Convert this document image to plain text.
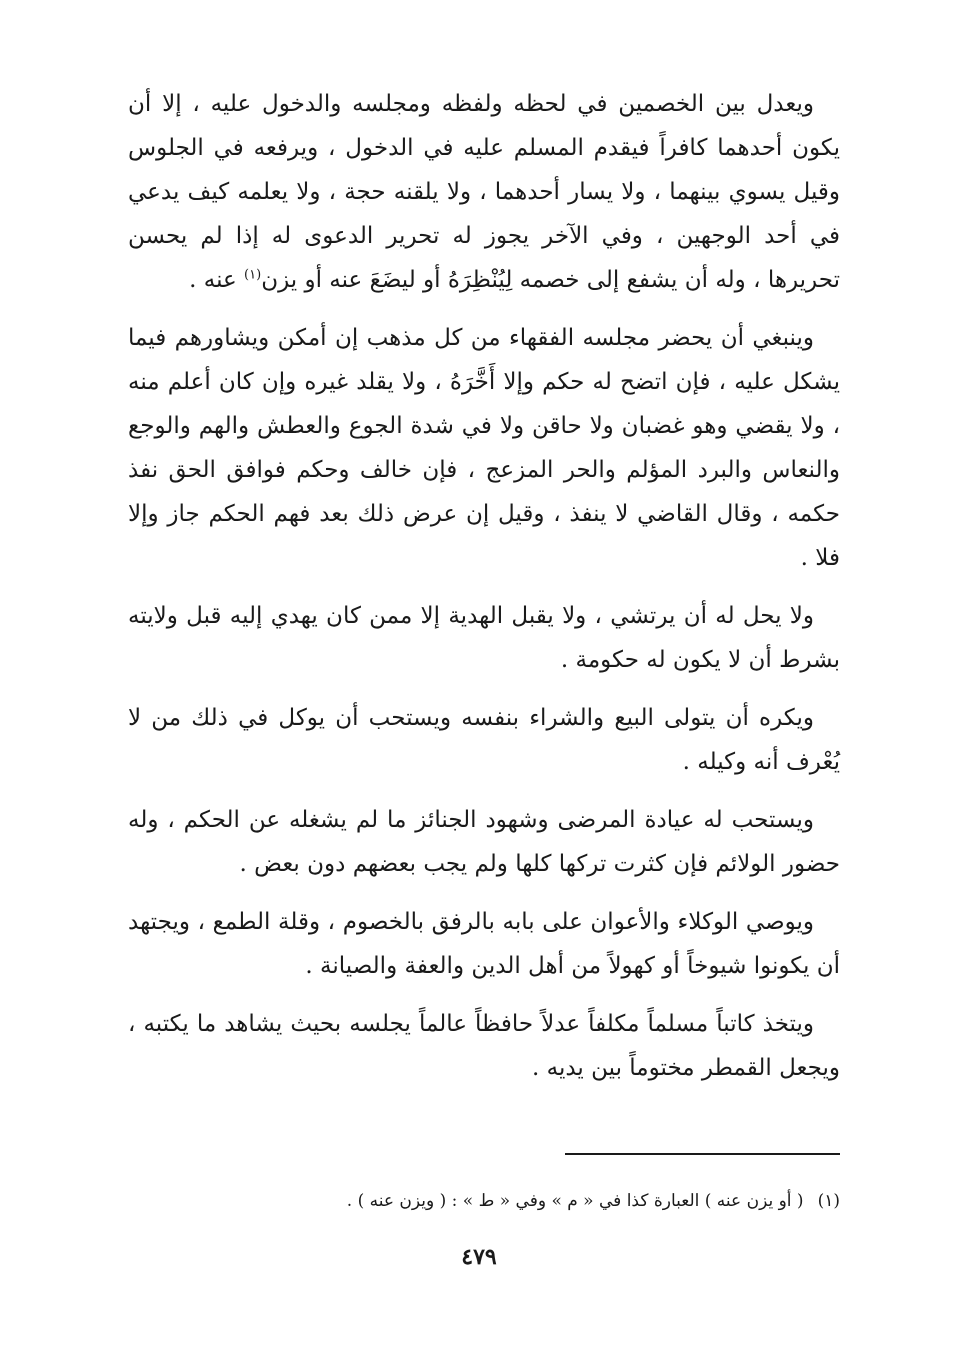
ويعدل بين الخصمين في لحظه ولفظه ومجلسه والدخول عليه ، إلا أن يكون أحدهما كافراً فيقدم المسلم عليه في الدخول ، ويرفعه في الجلوس وقيل يسوي بينهما ، ولا يسار أحدهما ، ولا يلقنه حجة ، ولا يعلمه كيف يدعي في أحد الوجهين ، وفي الآخر يجوز له تحرير الدعوى له إذا لم يحسن تحريرها ، وله أن يشفع إلى خصمه لِيُنْظِرَهُ أو ليضَعَ عنه أو يزن$^{(١)}$ عنه .

وينبغي أن يحضر مجلسه الفقهاء من كل مذهب إن أمكن ويشاورهم فيما يشكل عليه ، فإن اتضح له حكم وإلا أَخَّرَهُ ، ولا يقلد غيره وإن كان أعلم منه ، ولا يقضي وهو غضبان ولا حاقن ولا في شدة الجوع والعطش والهم والوجع والنعاس والبرد المؤلم والحر المزعج ، فإن خالف وحكم فوافق الحق نفذ حكمه ، وقال القاضي لا ينفذ ، وقيل إن عرض ذلك بعد فهم الحكم جاز وإلا فلا .

ولا يحل له أن يرتشي ، ولا يقبل الهدية إلا ممن كان يهدي إليه قبل ولايته بشرط أن لا يكون له حكومة .

ويكره أن يتولى البيع والشراء بنفسه ويستحب أن يوكل في ذلك من لا يُعْرف أنه وكيله .

ويستحب له عيادة المرضى وشهود الجنائز ما لم يشغله عن الحكم ، وله حضور الولائم فإن كثرت تركها كلها ولم يجب بعضهم دون بعض .

ويوصي الوكلاء والأعوان على بابه بالرفق بالخصوم ، وقلة الطمع ، ويجتهد أن يكونوا شيوخاً أو كهولاً من أهل الدين والعفة والصيانة .

ويتخذ كاتباً مسلماً مكلفاً عدلاً حافظاً عالماً يجلسه بحيث يشاهد ما يكتبه ، ويجعل القمطر مختوماً بين يديه .

(١)( أو يزن عنه ) العبارة كذا في « م » وفي « ط » : ( ويزن عنه ) .
٤٧٩
